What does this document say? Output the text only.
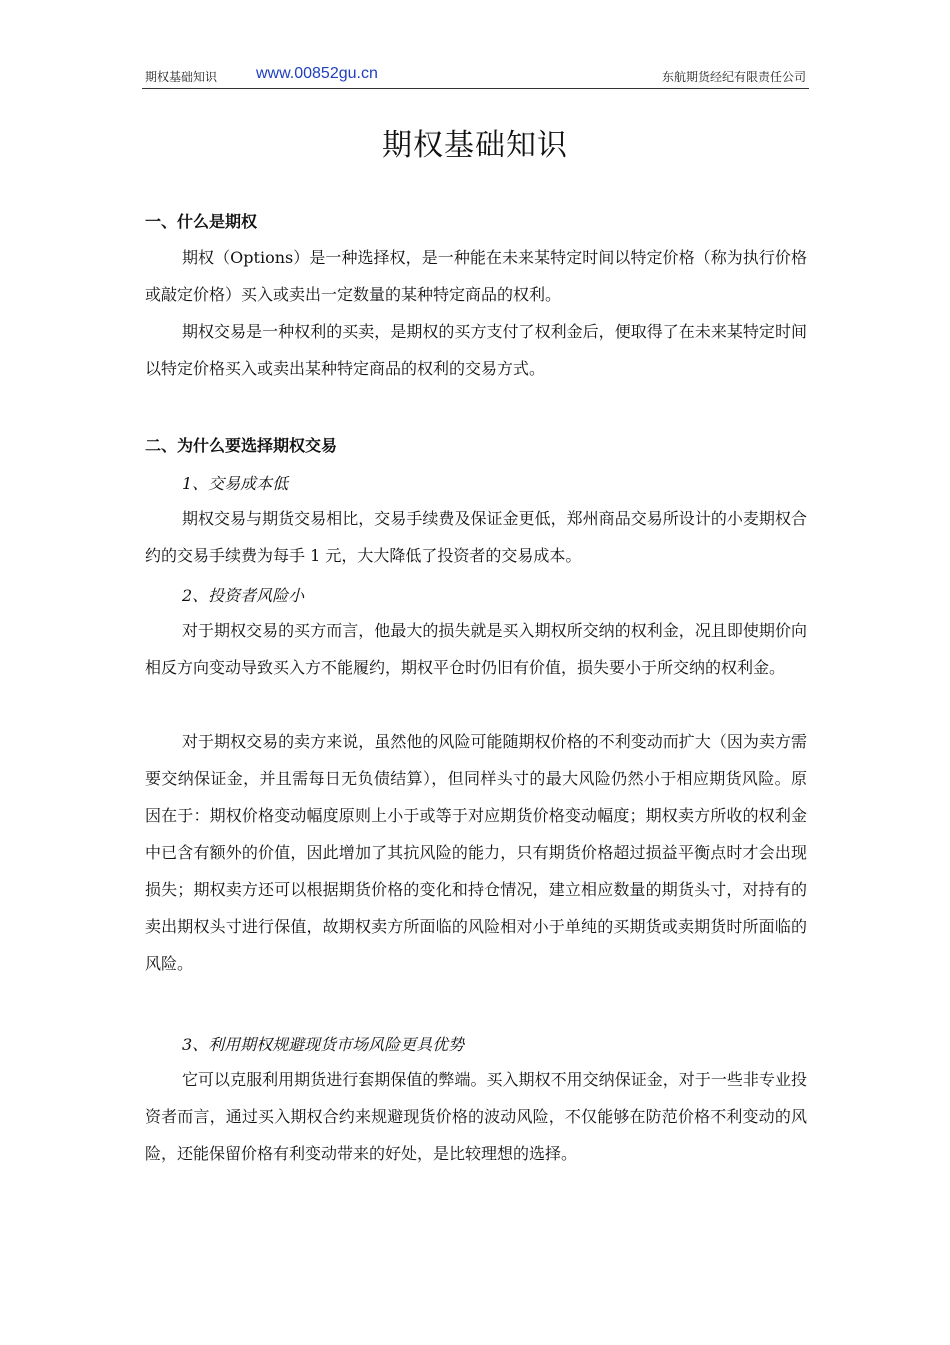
期权基础知识 www.00852gu.cn	东航期货经纪有限责任公司
期权基础知识
一、什么是期权

期权（Options）是一种选择权，是一种能在未来某特定时间以特定价格（称为执行价格或敲定价格）买入或卖出一定数量的某种特定商品的权利。

期权交易是一种权利的买卖，是期权的买方支付了权利金后，便取得了在未来某特定时间以特定价格买入或卖出某种特定商品的权利的交易方式。

二、为什么要选择期权交易
1、交易成本低

期权交易与期货交易相比，交易手续费及保证金更低，郑州商品交易所设计的小麦期权合约的交易手续费为每手 1 元，大大降低了投资者的交易成本。

2、投资者风险小

对于期权交易的买方而言，他最大的损失就是买入期权所交纳的权利金，况且即使期价向相反方向变动导致买入方不能履约，期权平仓时仍旧有价值，损失要小于所交纳的权利金。

对于期权交易的卖方来说，虽然他的风险可能随期权价格的不利变动而扩大（因为卖方需要交纳保证金，并且需每日无负债结算），但同样头寸的最大风险仍然小于相应期货风险。原因在于：期权价格变动幅度原则上小于或等于对应期货价格变动幅度；期权卖方所收的权利金中已含有额外的价值，因此增加了其抗风险的能力，只有期货价格超过损益平衡点时才会出现损失；期权卖方还可以根据期货价格的变化和持仓情况，建立相应数量的期货头寸，对持有的卖出期权头寸进行保值，故期权卖方所面临的风险相对小于单纯的买期货或卖期货时所面临的风险。

3、利用期权规避现货市场风险更具优势

它可以克服利用期货进行套期保值的弊端。买入期权不用交纳保证金，对于一些非专业投资者而言，通过买入期权合约来规避现货价格的波动风险，不仅能够在防范价格不利变动的风险，还能保留价格有利变动带来的好处，是比较理想的选择。
